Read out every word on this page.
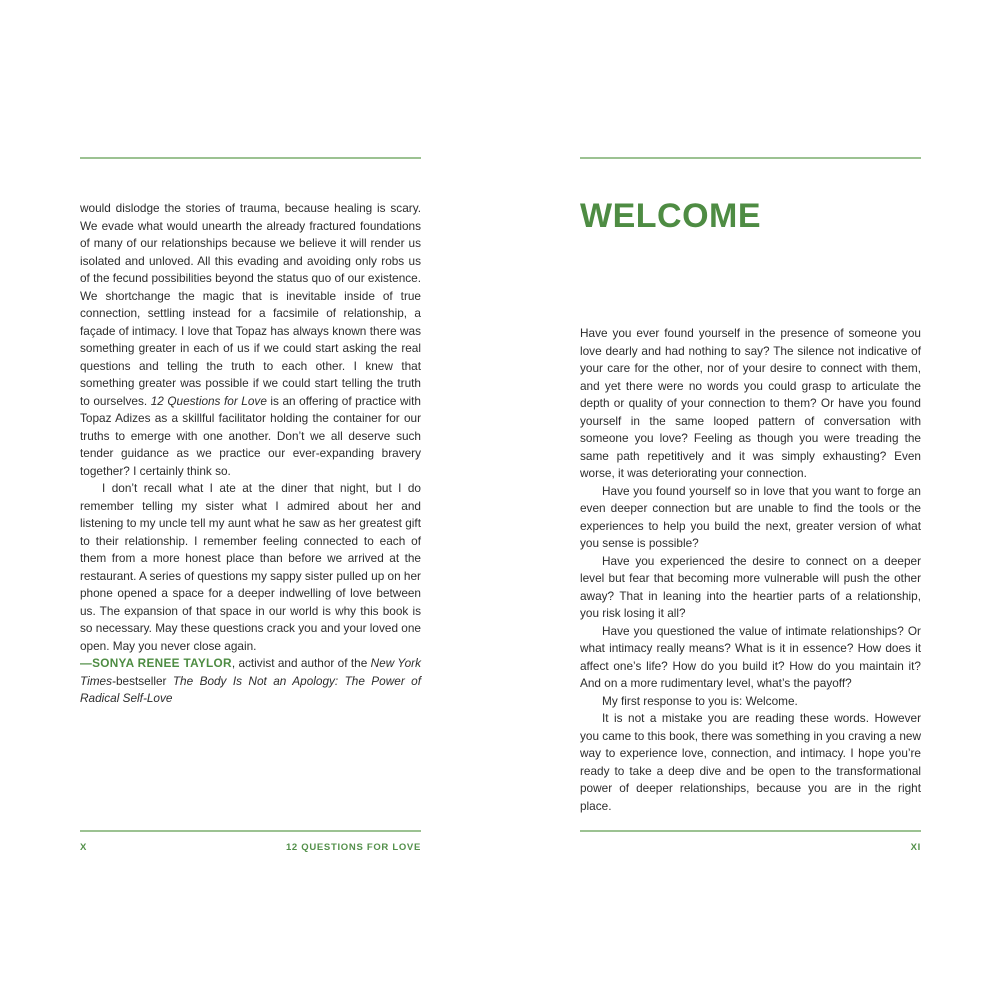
would dislodge the stories of trauma, because healing is scary. We evade what would unearth the already fractured foundations of many of our relationships because we believe it will render us isolated and unloved. All this evading and avoiding only robs us of the fecund possibilities beyond the status quo of our existence. We shortchange the magic that is inevitable inside of true connection, settling instead for a facsimile of relationship, a façade of intimacy. I love that Topaz has always known there was something greater in each of us if we could start asking the real questions and telling the truth to each other. I knew that something greater was possible if we could start telling the truth to ourselves. 12 Questions for Love is an offering of practice with Topaz Adizes as a skillful facilitator holding the container for our truths to emerge with one another. Don’t we all deserve such tender guidance as we practice our ever-expanding bravery together? I certainly think so.

I don’t recall what I ate at the diner that night, but I do remember telling my sister what I admired about her and listening to my uncle tell my aunt what he saw as her greatest gift to their relationship. I remember feeling connected to each of them from a more honest place than before we arrived at the restaurant. A series of questions my sappy sister pulled up on her phone opened a space for a deeper indwelling of love between us. The expansion of that space in our world is why this book is so necessary. May these questions crack you and your loved one open. May you never close again.

—SONYA RENEE TAYLOR, activist and author of the New York Times-bestseller The Body Is Not an Apology: The Power of Radical Self-Love

X	12 QUESTIONS FOR LOVE
WELCOME

Have you ever found yourself in the presence of someone you love dearly and had nothing to say? The silence not indicative of your care for the other, nor of your desire to connect with them, and yet there were no words you could grasp to articulate the depth or quality of your connection to them? Or have you found yourself in the same looped pattern of conversation with someone you love? Feeling as though you were treading the same path repetitively and it was simply exhausting? Even worse, it was deteriorating your connection.

Have you found yourself so in love that you want to forge an even deeper connection but are unable to find the tools or the experiences to help you build the next, greater version of what you sense is possible?

Have you experienced the desire to connect on a deeper level but fear that becoming more vulnerable will push the other away? That in leaning into the heartier parts of a relationship, you risk losing it all?

Have you questioned the value of intimate relationships? Or what intimacy really means? What is it in essence? How does it affect one’s life? How do you build it? How do you maintain it? And on a more rudimentary level, what’s the payoff?

My first response to you is: Welcome.

It is not a mistake you are reading these words. However you came to this book, there was something in you craving a new way to experience love, connection, and intimacy. I hope you’re ready to take a deep dive and be open to the transformational power of deeper relationships, because you are in the right place.

XI
